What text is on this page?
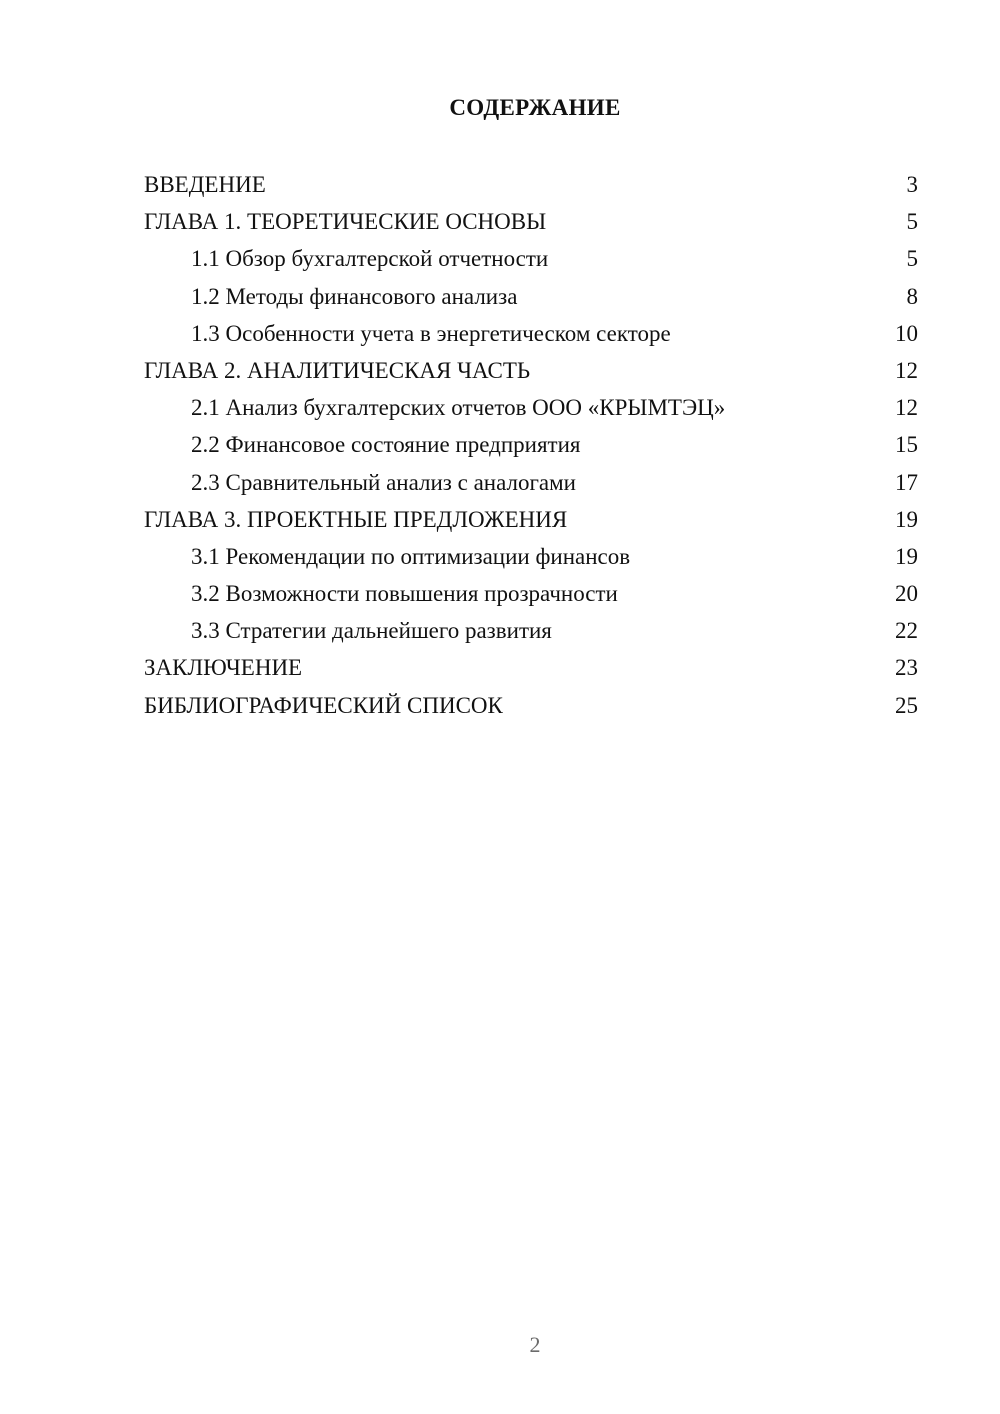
СОДЕРЖАНИЕ
ВВЕДЕНИЕ	3
ГЛАВА 1. ТЕОРЕТИЧЕСКИЕ ОСНОВЫ	5
1.1 Обзор бухгалтерской отчетности	5
1.2 Методы финансового анализа	8
1.3 Особенности учета в энергетическом секторе	10
ГЛАВА 2. АНАЛИТИЧЕСКАЯ ЧАСТЬ	12
2.1 Анализ бухгалтерских отчетов ООО «КРЫМТЭЦ»	12
2.2 Финансовое состояние предприятия	15
2.3 Сравнительный анализ с аналогами	17
ГЛАВА 3. ПРОЕКТНЫЕ ПРЕДЛОЖЕНИЯ	19
3.1 Рекомендации по оптимизации финансов	19
3.2 Возможности повышения прозрачности	20
3.3 Стратегии дальнейшего развития	22
ЗАКЛЮЧЕНИЕ	23
БИБЛИОГРАФИЧЕСКИЙ СПИСОК	25
2
